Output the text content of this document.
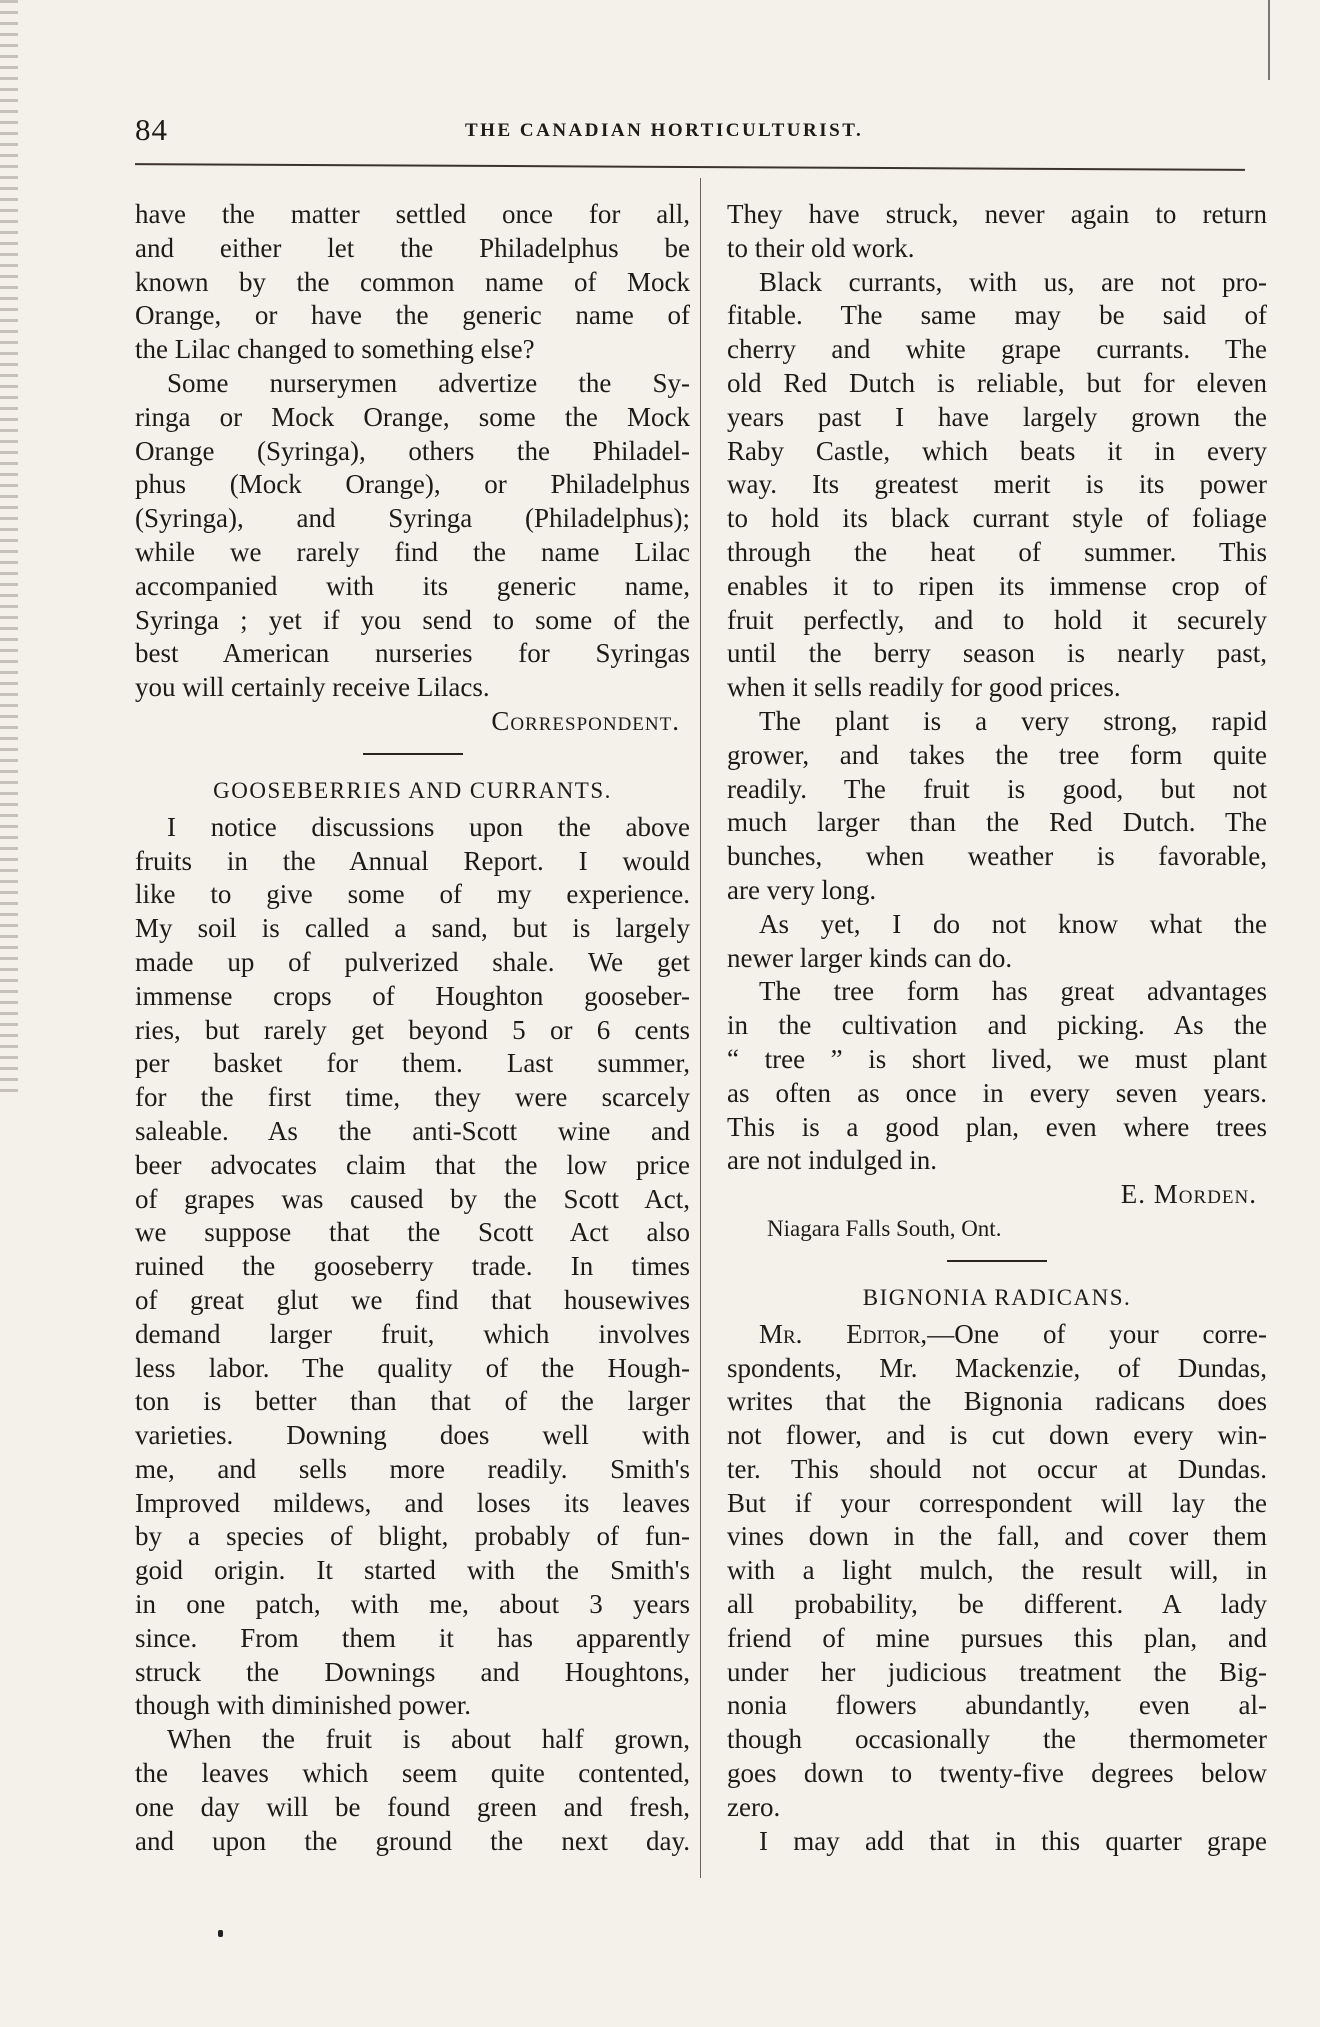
84	THE CANADIAN HORTICULTURIST.
have the matter settled once for all,
and either let the Philadelphus be
known by the common name of Mock
Orange, or have the generic name of
the Lilac changed to something else?
Some nurserymen advertize the Sy-
ringa or Mock Orange, some the Mock
Orange (Syringa), others the Philadel-
phus (Mock Orange), or Philadelphus
(Syringa), and Syringa (Philadelphus);
while we rarely find the name Lilac
accompanied with its generic name,
Syringa ; yet if you send to some of the
best American nurseries for Syringas
you will certainly receive Lilacs.
Correspondent.
GOOSEBERRIES AND CURRANTS.
I notice discussions upon the above
fruits in the Annual Report. I would
like to give some of my experience.
My soil is called a sand, but is largely
made up of pulverized shale. We get
immense crops of Houghton gooseber-
ries, but rarely get beyond 5 or 6 cents
per basket for them. Last summer,
for the first time, they were scarcely
saleable. As the anti-Scott wine and
beer advocates claim that the low price
of grapes was caused by the Scott Act,
we suppose that the Scott Act also
ruined the gooseberry trade. In times
of great glut we find that housewives
demand larger fruit, which involves
less labor. The quality of the Hough-
ton is better than that of the larger
varieties. Downing does well with
me, and sells more readily. Smith's
Improved mildews, and loses its leaves
by a species of blight, probably of fun-
goid origin. It started with the Smith's
in one patch, with me, about 3 years
since. From them it has apparently
struck the Downings and Houghtons,
though with diminished power.
When the fruit is about half grown,
the leaves which seem quite contented,
one day will be found green and fresh,
and upon the ground the next day.
They have struck, never again to return
to their old work.
Black currants, with us, are not pro-
fitable. The same may be said of
cherry and white grape currants. The
old Red Dutch is reliable, but for eleven
years past I have largely grown the
Raby Castle, which beats it in every
way. Its greatest merit is its power
to hold its black currant style of foliage
through the heat of summer. This
enables it to ripen its immense crop of
fruit perfectly, and to hold it securely
until the berry season is nearly past,
when it sells readily for good prices.
The plant is a very strong, rapid
grower, and takes the tree form quite
readily. The fruit is good, but not
much larger than the Red Dutch. The
bunches, when weather is favorable,
are very long.
As yet, I do not know what the
newer larger kinds can do.
The tree form has great advantages
in the cultivation and picking. As the
“ tree ” is short lived, we must plant
as often as once in every seven years.
This is a good plan, even where trees
are not indulged in.
E. Morden.
Niagara Falls South, Ont.
BIGNONIA RADICANS.
Mr. Editor,—One of your corre-
spondents, Mr. Mackenzie, of Dundas,
writes that the Bignonia radicans does
not flower, and is cut down every win-
ter. This should not occur at Dundas.
But if your correspondent will lay the
vines down in the fall, and cover them
with a light mulch, the result will, in
all probability, be different. A lady
friend of mine pursues this plan, and
under her judicious treatment the Big-
nonia flowers abundantly, even al-
though occasionally the thermometer
goes down to twenty-five degrees below
zero.
I may add that in this quarter grape
